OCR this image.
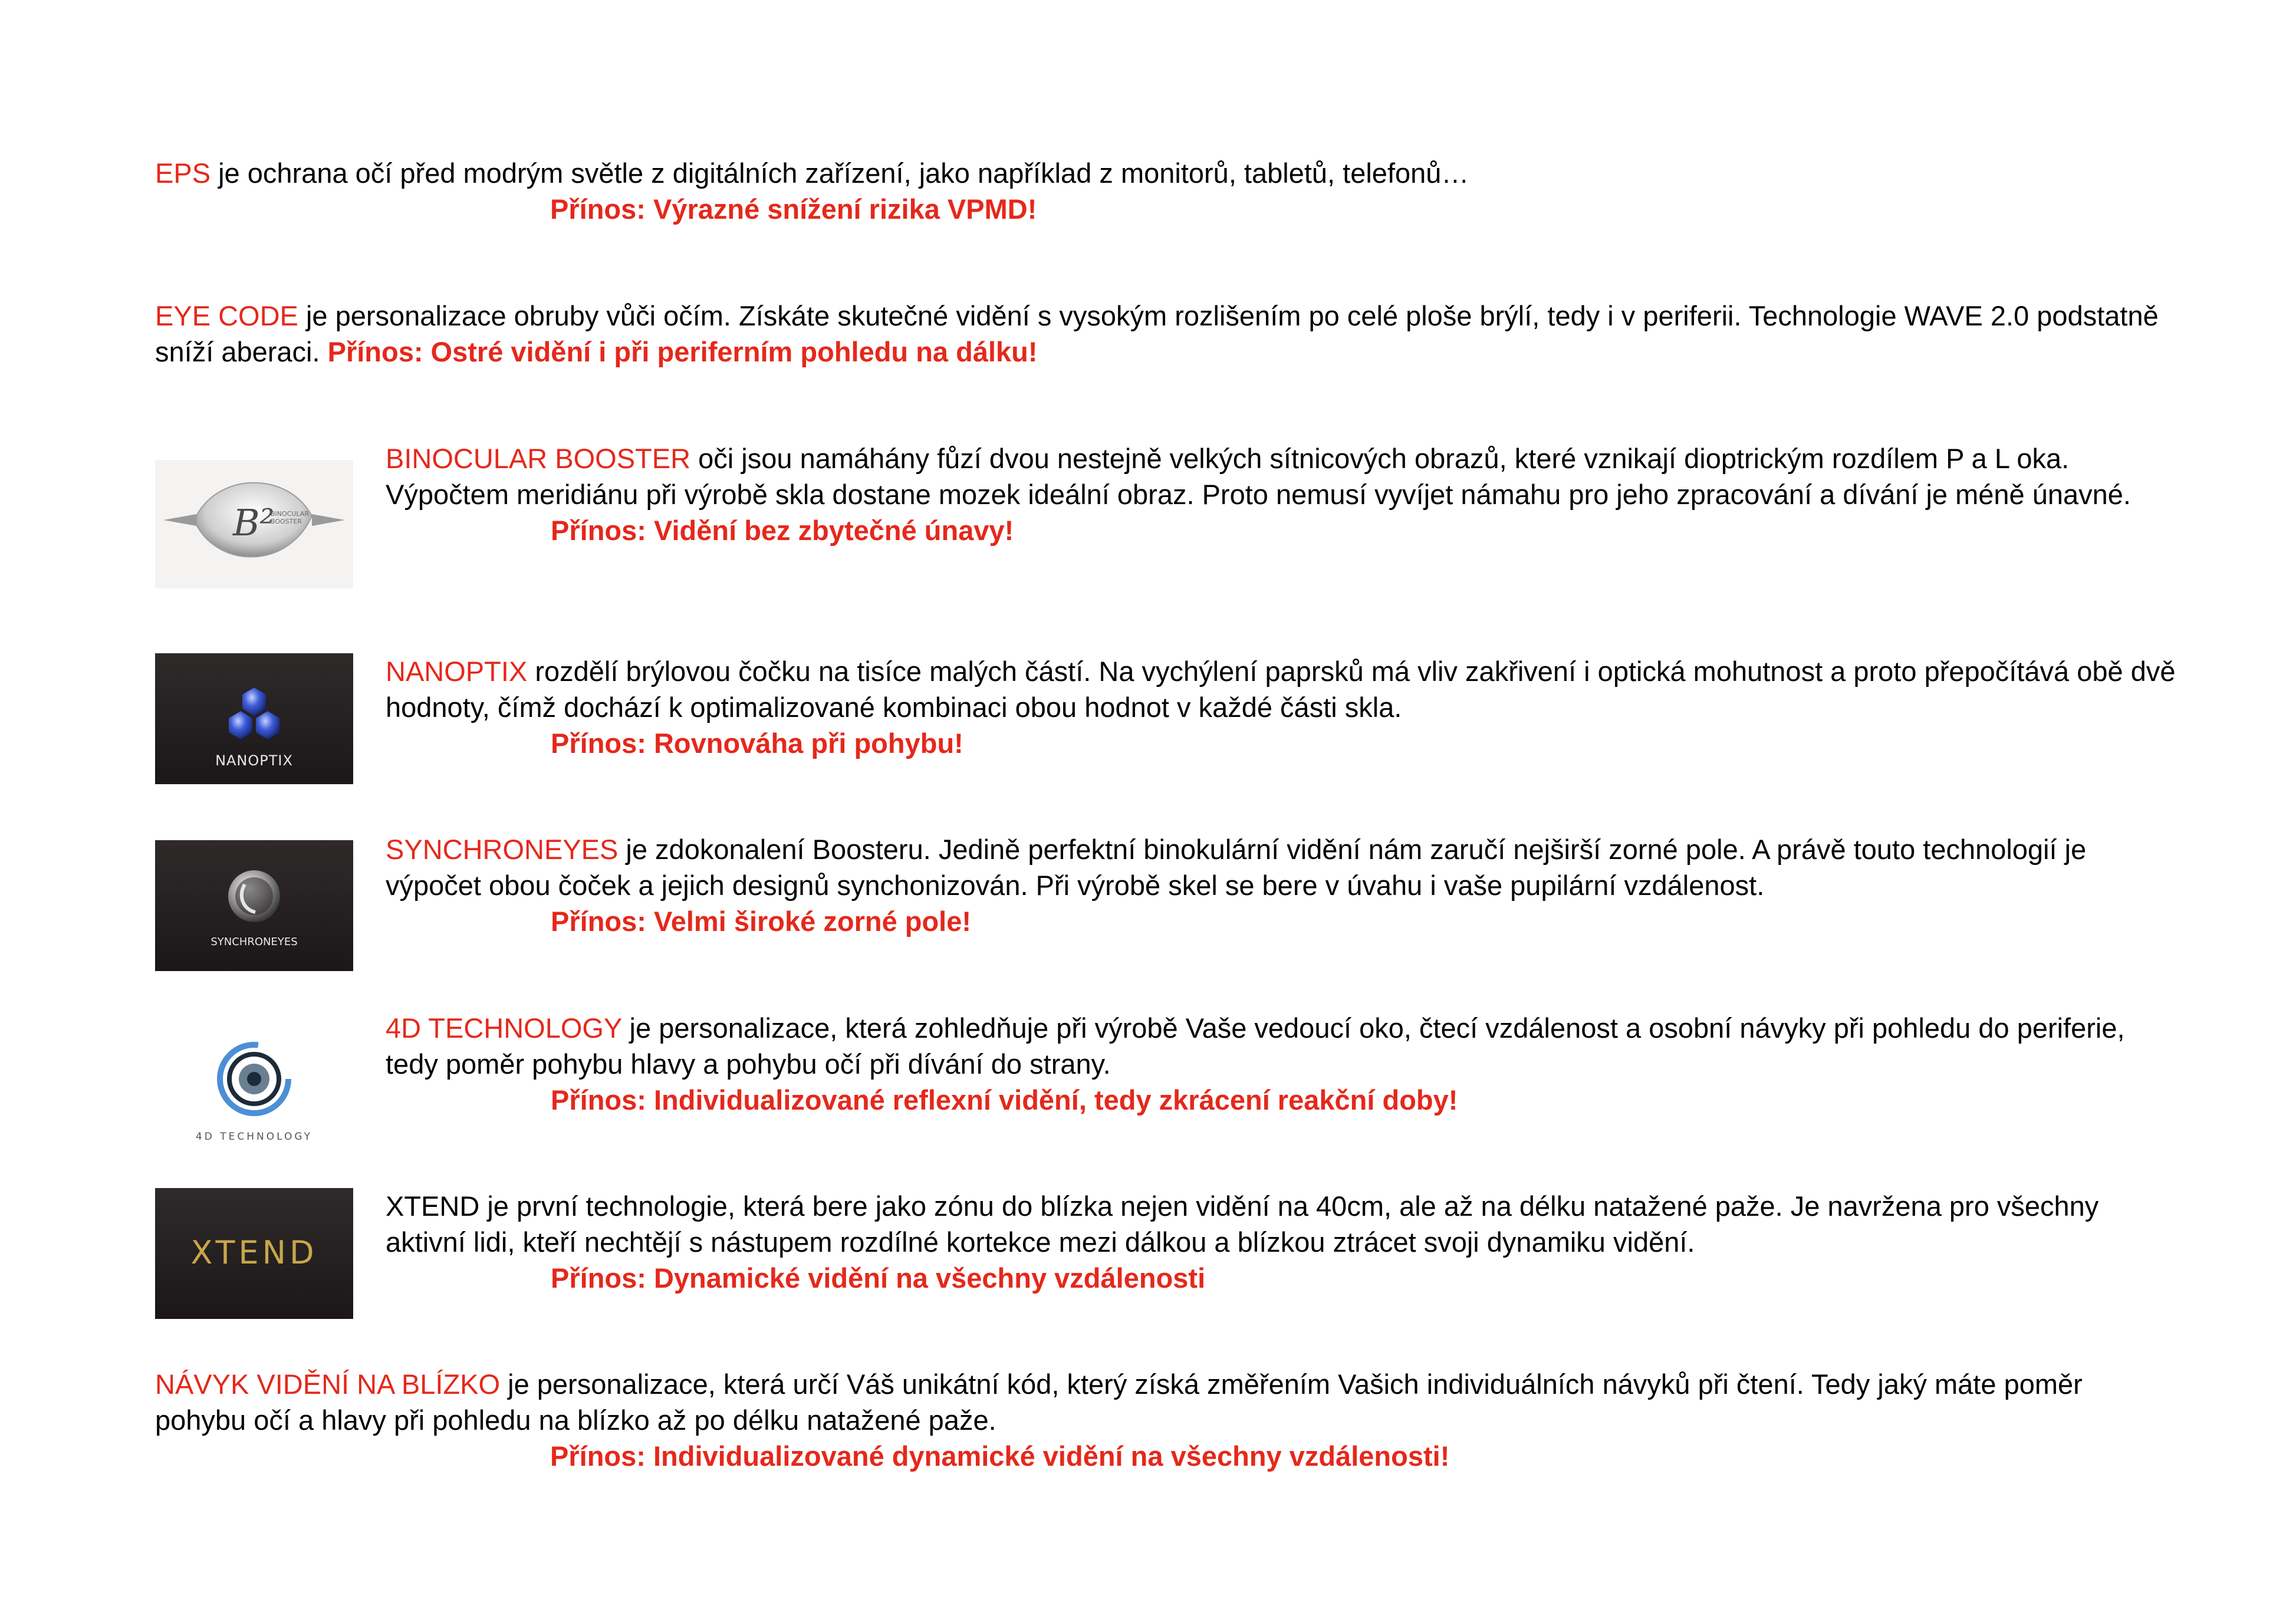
EPS je ochrana očí před modrým světle z digitálních zařízení, jako například z monitorů, tabletů, telefonů…

Přínos: Výrazné snížení rizika VPMD!

EYE CODE je personalizace obruby vůči očím. Získáte skutečné vidění s vysokým rozlišením po celé ploše brýlí, tedy i v periferii. Technologie WAVE 2.0 podstatně sníží aberaci. Přínos: Ostré vidění i při periferním pohledu na dálku!

B²
BINOCULAR
BOOSTER

BINOCULAR BOOSTER oči jsou namáhány fůzí dvou nestejně velkých sítnicových obrazů, které vznikají dioptrickým rozdílem P a L oka. Výpočtem meridiánu při výrobě skla dostane mozek ideální obraz. Proto nemusí vyvíjet námahu pro jeho zpracování a dívání je méně únavné.

Přínos: Vidění bez zbytečné únavy!

NANOPTIX

NANOPTIX rozdělí brýlovou čočku na tisíce malých částí. Na vychýlení paprsků má vliv zakřivení i optická mohutnost a proto přepočítává obě dvě hodnoty, čímž dochází k optimalizované kombinaci obou hodnot v každé části skla.

Přínos: Rovnováha při pohybu!

SYNCHRONEYES

SYNCHRONEYES je zdokonalení Boosteru. Jedině perfektní binokulární vidění nám zaručí nejširší zorné pole. A právě touto technologií je výpočet obou čoček a jejich designů synchonizován. Při výrobě skel se bere v úvahu i vaše pupilární vzdálenost.

Přínos: Velmi široké zorné pole!

4D TECHNOLOGY

4D TECHNOLOGY je personalizace, která zohledňuje při výrobě Vaše vedoucí oko, čtecí vzdálenost a osobní návyky při pohledu do periferie, tedy poměr pohybu hlavy a pohybu očí při dívání do strany.

Přínos: Individualizované reflexní vidění, tedy zkrácení reakční doby!

XTEND

XTEND je první technologie, která bere jako zónu do blízka nejen vidění na 40cm, ale až na délku natažené paže. Je navržena pro všechny aktivní lidi, kteří nechtějí s nástupem rozdílné kortekce mezi dálkou a blízkou ztrácet svoji dynamiku vidění.

Přínos: Dynamické vidění na všechny vzdálenosti

NÁVYK VIDĚNÍ NA BLÍZKO je personalizace, která určí Váš unikátní kód, který získá změřením Vašich individuálních návyků při čtení. Tedy jaký máte poměr pohybu očí a hlavy při pohledu na blízko až po délku natažené paže.

Přínos: Individualizované dynamické vidění na všechny vzdálenosti!
